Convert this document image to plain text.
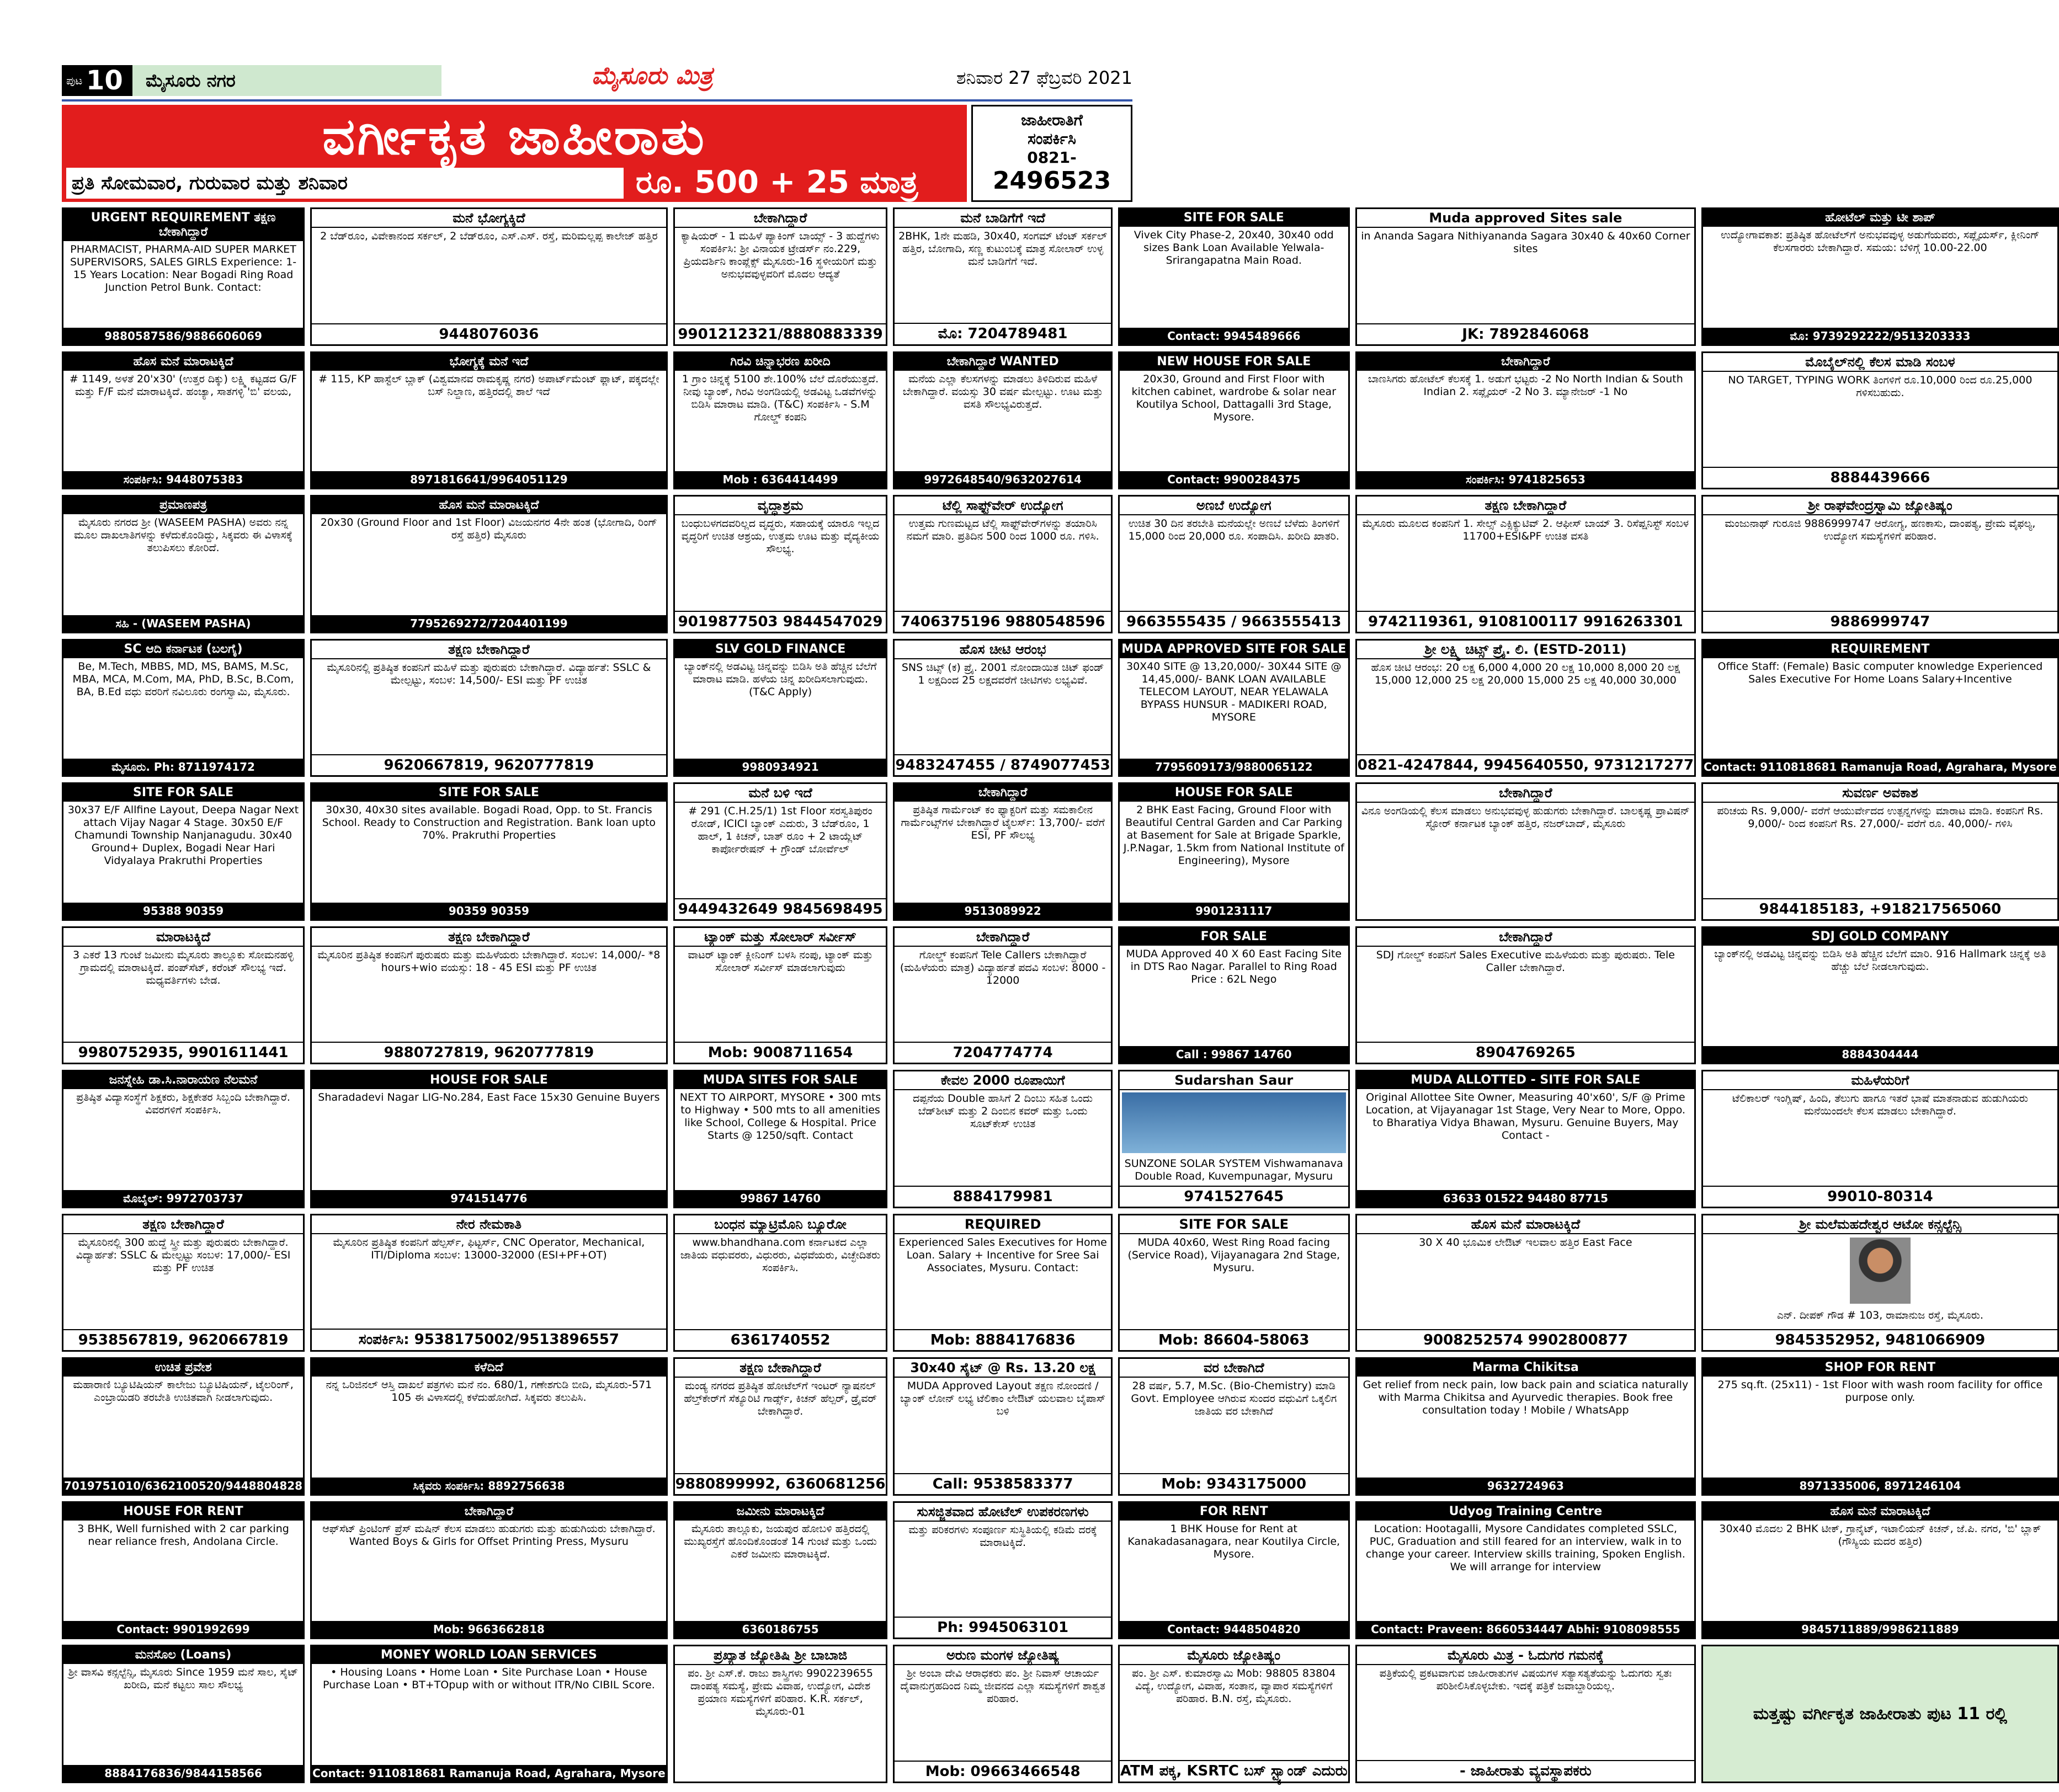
ಪುಟ 10	ಮೈಸೂರು ನಗರ	ಮೈಸೂರು ಮಿತ್ರ	ಶನಿವಾರ 27 ಫೆಬ್ರವರಿ 2021
ವರ್ಗೀಕೃತ ಜಾಹೀರಾತು
ಪ್ರತಿ ಸೋಮವಾರ, ಗುರುವಾರ ಮತ್ತು ಶನಿವಾರ	ರೂ. 500 + 25 ಮಾತ್ರ
ಜಾಹೀರಾತಿಗೆ
ಸಂಪರ್ಕಿಸಿ
0821-
2496523
URGENT REQUIREMENT ತಕ್ಷಣ ಬೇಕಾಗಿದ್ದಾರೆ
PHARMACIST, PHARMA-AID SUPER MARKET SUPERVISORS, SALES GIRLS Experience: 1-15 Years Location: Near Bogadi Ring Road Junction Petrol Bunk. Contact:
9880587586/9886606069
ಮನೆ ಭೋಗ್ಯಕ್ಕಿದೆ
2 ಬೆಡ್‌ರೂಂ, ವಿವೇಕಾನಂದ ಸರ್ಕಲ್, 2 ಬೆಡ್‌ರೂಂ, ಎಸ್.ಎಸ್. ರಸ್ತೆ, ಮರಿಮಲ್ಲಪ್ಪ ಕಾಲೇಜ್ ಹತ್ತಿರ
9448076036
ಬೇಕಾಗಿದ್ದಾರೆ
ಕ್ಯಾಷಿಯರ್ - 1 ಮಹಿಳೆ ಪ್ಯಾಕಿಂಗ್ ಬಾಯ್ಸ್ - 3 ಹುದ್ದೆಗಳು ಸಂಪರ್ಕಿಸಿ: ಶ್ರೀ ವಿನಾಯಕ ಟ್ರೇಡರ್ಸ್ ನಂ.229, ಪ್ರಿಯದರ್ಶಿನಿ ಕಾಂಪ್ಲೆಕ್ಸ್ ಮೈಸೂರು-16 ಸ್ಥಳೀಯರಿಗೆ ಮತ್ತು ಅನುಭವವುಳ್ಳವರಿಗೆ ಮೊದಲ ಆದ್ಯತೆ
9901212321/8880883339
ಮನೆ ಬಾಡಿಗೆಗೆ ಇದೆ
2BHK, 1ನೇ ಮಹಡಿ, 30x40, ಸಂಗಮ್ ಟೆಂಟ್ ಸರ್ಕಲ್ ಹತ್ತಿರ, ಬೋಗಾದಿ, ಸಣ್ಣ ಕುಟುಂಬಕ್ಕೆ ಮಾತ್ರ ಸೋಲಾರ್ ಉಳ್ಳ ಮನೆ ಬಾಡಿಗೆಗೆ ಇದೆ.
ಮೊ: 7204789481
SITE FOR SALE
Vivek City Phase-2, 20x40, 30x40 odd sizes Bank Loan Available Yelwala-Srirangapatna Main Road.
Contact: 9945489666
Muda approved Sites sale
in Ananda Sagara Nithiyananda Sagara 30x40 & 40x60 Corner sites
JK: 7892846068
ಹೋಟೆಲ್ ಮತ್ತು ಟೀ ಶಾಪ್
ಉದ್ಯೋಗಾವಕಾಶ: ಪ್ರತಿಷ್ಠಿತ ಹೋಟೆಲ್‌ಗೆ ಅನುಭವವುಳ್ಳ ಅಡುಗೆಯವರು, ಸಪ್ಲೈಯರ್ಸ್, ಕ್ಲೀನಿಂಗ್ ಕೆಲಸಗಾರರು ಬೇಕಾಗಿದ್ದಾರೆ. ಸಮಯ: ಬೆಳಿಗ್ಗೆ 10.00-22.00
ಮೊ: 9739292222/9513203333
ಹೊಸ ಮನೆ ಮಾರಾಟಕ್ಕಿದೆ
# 1149, ಅಳತೆ 20'x30' (ಉತ್ತರ ದಿಕ್ಕು) ಲಕ್ಷ್ಮಿ ಕಟ್ಟಡದ G/F ಮತ್ತು F/F ಮನೆ ಮಾರಾಟಕ್ಕಿದೆ. ಹಂಚ್ಯಾ, ಸಾತಗಳ್ಳಿ 'ಬಿ' ವಲಯ,
ಸಂಪರ್ಕಿಸಿ: 9448075383
ಭೋಗ್ಯಕ್ಕೆ ಮನೆ ಇದೆ
# 115, KP ಹಾಸ್ಟೆಲ್ ಬ್ಲಾಕ್ (ವಿಶ್ವಮಾನವ ರಾಮಕೃಷ್ಣ ನಗರ) ಅಪಾರ್ಟ್‌ಮೆಂಟ್ ಫ್ಲಾಟ್, ಪಕ್ಕದಲ್ಲೇ ಬಸ್ ನಿಲ್ದಾಣ, ಹತ್ತಿರದಲ್ಲಿ ಶಾಲೆ ಇದೆ
8971816641/9964051129
ಗಿರವಿ ಚಿನ್ನಾಭರಣ ಖರೀದಿ
1 ಗ್ರಾಂ ಚಿನ್ನಕ್ಕೆ 5100 ಶೇ.100% ಬೆಲೆ ದೊರೆಯುತ್ತದೆ. ನೀವು ಬ್ಯಾಂಕ್, ಗಿರವಿ ಅಂಗಡಿಯಲ್ಲಿ ಅಡವಿಟ್ಟ ಒಡವೆಗಳನ್ನು ಬಿಡಿಸಿ ಮಾರಾಟ ಮಾಡಿ. (T&C) ಸಂಪರ್ಕಿಸಿ - S.M ಗೋಲ್ಡ್ ಕಂಪನಿ
Mob : 6364414499
ಬೇಕಾಗಿದ್ದಾರೆ WANTED
ಮನೆಯ ಎಲ್ಲಾ ಕೆಲಸಗಳನ್ನು ಮಾಡಲು ತಿಳಿದಿರುವ ಮಹಿಳೆ ಬೇಕಾಗಿದ್ದಾರೆ. ವಯಸ್ಸು 30 ವರ್ಷ ಮೇಲ್ಪಟ್ಟು. ಊಟ ಮತ್ತು ವಸತಿ ಸೌಲಭ್ಯವಿರುತ್ತದೆ.
9972648540/9632027614
NEW HOUSE FOR SALE
20x30, Ground and First Floor with kitchen cabinet, wardrobe & solar near Koutilya School, Dattagalli 3rd Stage, Mysore.
Contact: 9900284375
ಬೇಕಾಗಿದ್ದಾರೆ
ಬಾಣಸಿಗರು ಹೋಟೆಲ್ ಕೆಲಸಕ್ಕೆ 1. ಅಡುಗೆ ಭಟ್ಟರು -2 No North Indian & South Indian 2. ಸಪ್ಲೈಯರ್ -2 No 3. ಮ್ಯಾನೇಜರ್ -1 No
ಸಂಪರ್ಕಿಸಿ: 9741825653
ಮೊಬೈಲ್‌ನಲ್ಲಿ ಕೆಲಸ ಮಾಡಿ ಸಂಬಳ
NO TARGET, TYPING WORK ತಿಂಗಳಿಗೆ ರೂ.10,000 ರಿಂದ ರೂ.25,000 ಗಳಿಸಬಹುದು.
8884439666
ಪ್ರಮಾಣಪತ್ರ
ಮೈಸೂರು ನಗರದ ಶ್ರೀ (WASEEM PASHA) ಅವರು ನನ್ನ ಮೂಲ ದಾಖಲಾತಿಗಳನ್ನು ಕಳೆದುಕೊಂಡಿದ್ದು, ಸಿಕ್ಕವರು ಈ ವಿಳಾಸಕ್ಕೆ ತಲುಪಿಸಲು ಕೋರಿದೆ.
ಸಹಿ - (WASEEM PASHA)
ಹೊಸ ಮನೆ ಮಾರಾಟಕ್ಕಿದೆ
20x30 (Ground Floor and 1st Floor) ವಿಜಯನಗರ 4ನೇ ಹಂತ (ಭೋಗಾದಿ, ರಿಂಗ್ ರಸ್ತೆ ಹತ್ತಿರ) ಮೈಸೂರು
7795269272/7204401199
ವೃದ್ಧಾಶ್ರಮ
ಬಂಧುಬಳಗದವರಿಲ್ಲದ ವೃದ್ಧರು, ಸಹಾಯಕ್ಕೆ ಯಾರೂ ಇಲ್ಲದ ವೃದ್ಧರಿಗೆ ಉಚಿತ ಆಶ್ರಯ, ಉತ್ತಮ ಊಟ ಮತ್ತು ವೈದ್ಯಕೀಯ ಸೌಲಭ್ಯ.
9019877503 9844547029
ಟೆಲ್ಲಿ ಸಾಫ್ಟ್‌ವೇರ್ ಉದ್ಯೋಗ
ಉತ್ತಮ ಗುಣಮಟ್ಟದ ಟೆಲ್ಲಿ ಸಾಫ್ಟ್‌ವೇರ್‌ಗಳನ್ನು ತಯಾರಿಸಿ ನಮಗೆ ಮಾರಿ. ಪ್ರತಿದಿನ 500 ರಿಂದ 1000 ರೂ. ಗಳಿಸಿ.
7406375196 9880548596
ಅಣಬೆ ಉದ್ಯೋಗ
ಉಚಿತ 30 ದಿನ ತರಬೇತಿ ಮನೆಯಲ್ಲೇ ಅಣಬೆ ಬೆಳೆದು ತಿಂಗಳಿಗೆ 15,000 ರಿಂದ 20,000 ರೂ. ಸಂಪಾದಿಸಿ. ಖರೀದಿ ಖಾತರಿ.
9663555435 / 9663555413
ತಕ್ಷಣ ಬೇಕಾಗಿದ್ದಾರೆ
ಮೈಸೂರು ಮೂಲದ ಕಂಪನಿಗೆ 1. ಸೇಲ್ಸ್ ಎಕ್ಸಿಕ್ಯುಟಿವ್ 2. ಆಫೀಸ್ ಬಾಯ್ 3. ರಿಸೆಪ್ಷನಿಸ್ಟ್ ಸಂಬಳ 11700+ESI&PF ಉಚಿತ ವಸತಿ
9742119361, 9108100117 9916263301
ಶ್ರೀ ರಾಘವೇಂದ್ರಸ್ವಾಮಿ ಜ್ಯೋತಿಷ್ಯಂ
ಮಂಜುನಾಥ್ ಗುರೂಜಿ 9886999747 ಆರೋಗ್ಯ, ಹಣಕಾಸು, ದಾಂಪತ್ಯ, ಪ್ರೇಮ ವೈಫಲ್ಯ, ಉದ್ಯೋಗ ಸಮಸ್ಯೆಗಳಿಗೆ ಪರಿಹಾರ.
9886999747
SC ಆದಿ ಕರ್ನಾಟಕ (ಬಲಗೈ)
Be, M.Tech, MBBS, MD, MS, BAMS, M.Sc, MBA, MCA, M.Com, MA, PhD, B.Sc, B.Com, BA, B.Ed ವಧು ವರರಿಗೆ ನವಿಲೂರು ರಂಗಸ್ವಾಮಿ, ಮೈಸೂರು.
ಮೈಸೂರು. Ph: 8711974172
ತಕ್ಷಣ ಬೇಕಾಗಿದ್ದಾರೆ
ಮೈಸೂರಿನಲ್ಲಿ ಪ್ರತಿಷ್ಠಿತ ಕಂಪನಿಗೆ ಮಹಿಳೆ ಮತ್ತು ಪುರುಷರು ಬೇಕಾಗಿದ್ದಾರೆ. ವಿದ್ಯಾರ್ಹತೆ: SSLC & ಮೇಲ್ಪಟ್ಟು, ಸಂಬಳ: 14,500/- ESI ಮತ್ತು PF ಉಚಿತ
9620667819, 9620777819
SLV GOLD FINANCE
ಬ್ಯಾಂಕ್‌ನಲ್ಲಿ ಅಡವಿಟ್ಟ ಚಿನ್ನವನ್ನು ಬಿಡಿಸಿ ಅತಿ ಹೆಚ್ಚಿನ ಬೆಲೆಗೆ ಮಾರಾಟ ಮಾಡಿ. ಹಳೆಯ ಚಿನ್ನ ಖರೀದಿಸಲಾಗುವುದು. (T&C Apply)
9980934921
ಹೊಸ ಚೀಟಿ ಆರಂಭ
SNS ಚಿಟ್ಸ್ (ಕ) ಪ್ರೈ. 2001 ನೋಂದಾಯಿತ ಚಿಟ್ ಫಂಡ್ 1 ಲಕ್ಷದಿಂದ 25 ಲಕ್ಷದವರೆಗೆ ಚೀಟಿಗಳು ಲಭ್ಯವಿವೆ.
9483247455 / 8749077453
MUDA APPROVED SITE FOR SALE
30X40 SITE @ 13,20,000/- 30X44 SITE @ 14,45,000/- BANK LOAN AVAILABLE TELECOM LAYOUT, NEAR YELAWALA BYPASS HUNSUR - MADIKERI ROAD, MYSORE
7795609173/9880065122
ಶ್ರೀ ಲಕ್ಷ್ಮಿ ಚಿಟ್ಸ್ ಪ್ರೈ. ಲಿ. (ESTD-2011)
ಹೊಸ ಚೀಟಿ ಆರಂಭ: 20 ಲಕ್ಷ 6,000 4,000 20 ಲಕ್ಷ 10,000 8,000 20 ಲಕ್ಷ 15,000 12,000 25 ಲಕ್ಷ 20,000 15,000 25 ಲಕ್ಷ 40,000 30,000
0821-4247844, 9945640550, 9731217277
REQUIREMENT
Office Staff: (Female) Basic computer knowledge Experienced Sales Executive For Home Loans Salary+Incentive
Contact: 9110818681 Ramanuja Road, Agrahara, Mysore
SITE FOR SALE
30x37 E/F Allfine Layout, Deepa Nagar Next attach Vijay Nagar 4 Stage. 30x50 E/F Chamundi Township Nanjanagudu. 30x40 Ground+ Duplex, Bogadi Near Hari Vidyalaya Prakruthi Properties
95388 90359
SITE FOR SALE
30x30, 40x30 sites available. Bogadi Road, Opp. to St. Francis School. Ready to Construction and Registration. Bank loan upto 70%. Prakruthi Properties
90359 90359
ಮನೆ ಬಳಿ ಇದೆ
# 291 (C.H.25/1) 1st Floor ಸರಸ್ವತಿಪುರಂ ರೋಡ್, ICICI ಬ್ಯಾಂಕ್ ಎದುರು, 3 ಬೆಡ್‌ರೂಂ, 1 ಹಾಲ್, 1 ಕಿಚನ್, ಬಾತ್ ರೂಂ + 2 ಟಾಯ್ಲೆಟ್ ಕಾರ್ಪೋರೇಷನ್ + ಗ್ರೌಂಡ್ ಬೋರ್ವೆಲ್
9449432649 9845698495
ಬೇಕಾಗಿದ್ದಾರೆ
ಪ್ರತಿಷ್ಠಿತ ಗಾರ್ಮೆಂಟ್ ಕಂ ಫ್ಯಾಕ್ಟರಿಗೆ ಮತ್ತು ಸಮಕಾಲೀನ ಗಾರ್ಮೆಂಟ್ಸ್‌ಗಳ ಬೇಕಾಗಿದ್ದಾರೆ ಟೈಲರ್ಸ್: 13,700/- ವರೆಗೆ ESI, PF ಸೌಲಭ್ಯ
9513089922
HOUSE FOR SALE
2 BHK East Facing, Ground Floor with Beautiful Central Garden and Car Parking at Basement for Sale at Brigade Sparkle, J.P.Nagar, 1.5km from National Institute of Engineering), Mysore
9901231117
ಬೇಕಾಗಿದ್ದಾರೆ
ವಿನೂ ಅಂಗಡಿಯಲ್ಲಿ ಕೆಲಸ ಮಾಡಲು ಅನುಭವವುಳ್ಳ ಹುಡುಗರು ಬೇಕಾಗಿದ್ದಾರೆ. ಬಾಲಕೃಷ್ಣ ಪ್ರಾವಿಷನ್ ಸ್ಟೋರ್ ಕರ್ನಾಟಕ ಬ್ಯಾಂಕ್ ಹತ್ತಿರ, ನಜರ್‌ಬಾದ್, ಮೈಸೂರು
ಸುವರ್ಣ ಅವಕಾಶ
ಪರಿಚಯ Rs. 9,000/- ವರೆಗೆ ಆಯುರ್ವೇದದ ಉತ್ಪನ್ನಗಳನ್ನು ಮಾರಾಟ ಮಾಡಿ. ಕಂಪನಿಗೆ Rs. 9,000/- ರಿಂದ ಕಂಪನಿಗೆ Rs. 27,000/- ವರೆಗೆ ರೂ. 40,000/- ಗಳಿಸಿ
9844185183, +918217565060
ಮಾರಾಟಕ್ಕಿದೆ
3 ಎಕರೆ 13 ಗುಂಟೆ ಜಮೀನು ಮೈಸೂರು ತಾಲ್ಲೂಕು ಸೋಮನಹಳ್ಳಿ ಗ್ರಾಮದಲ್ಲಿ ಮಾರಾಟಕ್ಕಿದೆ. ಪಂಪ್‌ಸೆಟ್, ಕರೆಂಟ್ ಸೌಲಭ್ಯ ಇದೆ. ಮಧ್ಯವರ್ತಿಗಳು ಬೇಡ.
9980752935, 9901611441
ತಕ್ಷಣ ಬೇಕಾಗಿದ್ದಾರೆ
ಮೈಸೂರಿನ ಪ್ರತಿಷ್ಠಿತ ಕಂಪನಿಗೆ ಪುರುಷರು ಮತ್ತು ಮಹಿಳೆಯರು ಬೇಕಾಗಿದ್ದಾರೆ. ಸಂಬಳ: 14,000/- *8 hours+wio ವಯಸ್ಸು: 18 - 45 ESI ಮತ್ತು PF ಉಚಿತ
9880727819, 9620777819
ಟ್ಯಾಂಕ್ ಮತ್ತು ಸೋಲಾರ್ ಸರ್ವೀಸ್
ವಾಟರ್ ಟ್ಯಾಂಕ್ ಕ್ಲೀನಿಂಗ್ ಬಳಸಿ ನಂಪು, ಟ್ಯಾಂಕ್ ಮತ್ತು ಸೋಲಾರ್ ಸರ್ವೀಸ್ ಮಾಡಲಾಗುವುದು
Mob: 9008711654
ಬೇಕಾಗಿದ್ದಾರೆ
ಗೋಲ್ಡ್ ಕಂಪನಿಗೆ Tele Callers ಬೇಕಾಗಿದ್ದಾರೆ (ಮಹಿಳೆಯರು ಮಾತ್ರ) ವಿದ್ಯಾರ್ಹತೆ ಪದವಿ ಸಂಬಳ: 8000 - 12000
7204774774
FOR SALE
MUDA Approved 40 X 60 East Facing Site in DTS Rao Nagar. Parallel to Ring Road Price : 62L Nego
Call : 99867 14760
ಬೇಕಾಗಿದ್ದಾರೆ
SDJ ಗೋಲ್ಡ್ ಕಂಪನಿಗೆ Sales Executive ಮಹಿಳೆಯರು ಮತ್ತು ಪುರುಷರು. Tele Caller ಬೇಕಾಗಿದ್ದಾರೆ.
8904769265
SDJ GOLD COMPANY
ಬ್ಯಾಂಕ್‌ನಲ್ಲಿ ಅಡವಿಟ್ಟ ಚಿನ್ನವನ್ನು ಬಿಡಿಸಿ ಅತಿ ಹೆಚ್ಚಿನ ಬೆಲೆಗೆ ಮಾರಿ. 916 Hallmark ಚಿನ್ನಕ್ಕೆ ಅತಿ ಹೆಚ್ಚು ಬೆಲೆ ನೀಡಲಾಗುವುದು.
8884304444
ಜನಸ್ನೇಹಿ ಡಾ.ಸಿ.ನಾರಾಯಣ ನೆಲಮನೆ
ಪ್ರತಿಷ್ಠಿತ ವಿದ್ಯಾಸಂಸ್ಥೆಗೆ ಶಿಕ್ಷಕರು, ಶಿಕ್ಷಕೇತರ ಸಿಬ್ಬಂದಿ ಬೇಕಾಗಿದ್ದಾರೆ. ವಿವರಗಳಿಗೆ ಸಂಪರ್ಕಿಸಿ.
ಮೊಬೈಲ್: 9972703737
HOUSE FOR SALE
Sharadadevi Nagar LIG-No.284, East Face 15x30 Genuine Buyers
9741514776
MUDA SITES FOR SALE
NEXT TO AIRPORT, MYSORE • 300 mts to Highway • 500 mts to all amenities like School, College & Hospital. Price Starts @ 1250/sqft. Contact
99867 14760
ಕೇವಲ 2000 ರೂಪಾಯಿಗೆ
ದಪ್ಪನೆಯ Double ಹಾಸಿಗೆ 2 ದಿಂಬು ಸಹಿತ ಒಂದು ಬೆಡ್‌ಶೀಟ್ ಮತ್ತು 2 ದಿಂಬಿನ ಕವರ್ ಮತ್ತು ಒಂದು ಸೂಟ್‌ಕೇಸ್ ಉಚಿತ
8884179981
Sudarshan Saur
SUNZONE SOLAR SYSTEM Vishwamanava Double Road, Kuvempunagar, Mysuru
9741527645
MUDA ALLOTTED - SITE FOR SALE
Original Allottee Site Owner, Measuring 40'x60', S/F @ Prime Location, at Vijayanagar 1st Stage, Very Near to More, Oppo. to Bharatiya Vidya Bhawan, Mysuru. Genuine Buyers, May Contact -
63633 01522 94480 87715
ಮಹಿಳೆಯರಿಗೆ
ಟೆಲಿಕಾಲರ್ ಇಂಗ್ಲಿಷ್, ಹಿಂದಿ, ತೆಲುಗು ಹಾಗೂ ಇತರೆ ಭಾಷೆ ಮಾತನಾಡುವ ಹುಡುಗಿಯರು ಮನೆಯಿಂದಲೇ ಕೆಲಸ ಮಾಡಲು ಬೇಕಾಗಿದ್ದಾರೆ.
99010-80314
ತಕ್ಷಣ ಬೇಕಾಗಿದ್ದಾರೆ
ಮೈಸೂರಿನಲ್ಲಿ 300 ಹುದ್ದೆ ಸ್ತ್ರೀ ಮತ್ತು ಪುರುಷರು ಬೇಕಾಗಿದ್ದಾರೆ. ವಿದ್ಯಾರ್ಹತೆ: SSLC & ಮೇಲ್ಪಟ್ಟು ಸಂಬಳ: 17,000/- ESI ಮತ್ತು PF ಉಚಿತ
9538567819, 9620667819
ನೇರ ನೇಮಕಾತಿ
ಮೈಸೂರಿನ ಪ್ರತಿಷ್ಠಿತ ಕಂಪನಿಗೆ ಹೆಲ್ಪರ್ಸ್, ಫಿಟ್ಟರ್ಸ್, CNC Operator, Mechanical, ITI/Diploma ಸಂಬಳ: 13000-32000 (ESI+PF+OT)
ಸಂಪರ್ಕಿಸಿ: 9538175002/9513896557
ಬಂಧನ ಮ್ಯಾಟ್ರಿಮೊನಿ ಬ್ಯೂರೋ
www.bhandhana.com ಕರ್ನಾಟಕದ ಎಲ್ಲಾ ಜಾತಿಯ ವಧುವರರು, ವಿಧುರರು, ವಿಧವೆಯರು, ವಿಚ್ಛೇದಿತರು ಸಂಪರ್ಕಿಸಿ.
6361740552
REQUIRED
Experienced Sales Executives for Home Loan. Salary + Incentive for Sree Sai Associates, Mysuru. Contact:
Mob: 8884176836
SITE FOR SALE
MUDA 40x60, West Ring Road facing (Service Road), Vijayanagara 2nd Stage, Mysuru.
Mob: 86604-58063
ಹೊಸ ಮನೆ ಮಾರಾಟಕ್ಕಿದೆ
30 X 40 ಭೂಮಿಕ ಲೇಔಟ್ ಇಲವಾಲ ಹತ್ತಿರ East Face
9008252574 9902800877
ಶ್ರೀ ಮಲೆಮಹದೇಶ್ವರ ಆಟೋ ಕನ್ಸಲ್ಟೆನ್ಸಿ
ಎನ್. ದೀಪಕ್ ಗೌಡ # 103, ರಾಮಾನುಜ ರಸ್ತೆ, ಮೈಸೂರು.
9845352952, 9481066909
ಉಚಿತ ಪ್ರವೇಶ
ಮಹಾರಾಣಿ ಬ್ಯೂಟಿಷಿಯನ್ ಕಾಲೇಜು ಬ್ಯೂಟಿಷಿಯನ್, ಟೈಲರಿಂಗ್, ಎಂಬ್ರಾಯಿಡರಿ ತರಬೇತಿ ಉಚಿತವಾಗಿ ನೀಡಲಾಗುವುದು.
7019751010/6362100520/9448804828
ಕಳೆದಿದೆ
ನನ್ನ ಒರಿಜಿನಲ್ ಆಸ್ತಿ ದಾಖಲೆ ಪತ್ರಗಳು ಮನೆ ನಂ. 680/1, ಗಣೇಶಗುಡಿ ಬೀದಿ, ಮೈಸೂರು-571 105 ಈ ವಿಳಾಸದಲ್ಲಿ ಕಳೆದುಹೋಗಿದೆ. ಸಿಕ್ಕವರು ತಲುಪಿಸಿ.
ಸಿಕ್ಕವರು ಸಂಪರ್ಕಿಸಿ: 8892756638
ತಕ್ಷಣ ಬೇಕಾಗಿದ್ದಾರೆ
ಮಂಡ್ಯ ನಗರದ ಪ್ರತಿಷ್ಠಿತ ಹೋಟೆಲ್‌ಗೆ ಇಂಟರ್ ನ್ಯಾಷನಲ್ ಹೆಲ್ತ್‌ಕೇರ್‌ಗೆ ಸೆಕ್ಯೂರಿಟಿ ಗಾರ್ಡ್ಸ್, ಕಿಚನ್ ಹೆಲ್ಪರ್, ಡ್ರೈವರ್ ಬೇಕಾಗಿದ್ದಾರೆ.
9880899992, 6360681256
30x40 ಸೈಟ್ @ Rs. 13.20 ಲಕ್ಷ
MUDA Approved Layout ತಕ್ಷಣ ನೋಂದಣಿ / ಬ್ಯಾಂಕ್ ಲೋನ್ ಲಭ್ಯ ಟೆಲಿಕಾಂ ಲೇಔಟ್ ಯಲವಾಲ ಬೈಪಾಸ್ ಬಳಿ
Call: 9538583377
ವರ ಬೇಕಾಗಿದೆ
28 ವರ್ಷ, 5.7, M.Sc. (Bio-Chemistry) ಮಾಡಿ Govt. Employee ಆಗಿರುವ ಸುಂದರ ವಧುವಿಗೆ ಒಕ್ಕಲಿಗ ಜಾತಿಯ ವರ ಬೇಕಾಗಿದೆ
Mob: 9343175000
Marma Chikitsa
Get relief from neck pain, low back pain and sciatica naturally with Marma Chikitsa and Ayurvedic therapies. Book free consultation today ! Mobile / WhatsApp
9632724963
SHOP FOR RENT
275 sq.ft. (25x11) - 1st Floor with wash room facility for office purpose only.
8971335006, 8971246104
HOUSE FOR RENT
3 BHK, Well furnished with 2 car parking near reliance fresh, Andolana Circle.
Contact: 9901992699
ಬೇಕಾಗಿದ್ದಾರೆ
ಆಫ್‌ಸೆಟ್ ಪ್ರಿಂಟಿಂಗ್ ಪ್ರೆಸ್ ಮಷಿನ್ ಕೆಲಸ ಮಾಡಲು ಹುಡುಗರು ಮತ್ತು ಹುಡುಗಿಯರು ಬೇಕಾಗಿದ್ದಾರೆ. Wanted Boys & Girls for Offset Printing Press, Mysuru
Mob: 9663662818
ಜಮೀನು ಮಾರಾಟಕ್ಕಿದೆ
ಮೈಸೂರು ತಾಲ್ಲೂಕು, ಜಯಪುರ ಹೋಬಳಿ ಹತ್ತಿರದಲ್ಲಿ ಮುಖ್ಯರಸ್ತೆಗೆ ಹೊಂದಿಕೊಂಡಂತೆ 14 ಗುಂಟೆ ಮತ್ತು ಒಂದು ಎಕರೆ ಜಮೀನು ಮಾರಾಟಕ್ಕಿದೆ.
6360186755
ಸುಸಜ್ಜಿತವಾದ ಹೋಟೆಲ್ ಉಪಕರಣಗಳು
ಮತ್ತು ಪರಿಕರಗಳು ಸಂಪೂರ್ಣ ಸುಸ್ಥಿತಿಯಲ್ಲಿ ಕಡಿಮೆ ದರಕ್ಕೆ ಮಾರಾಟಕ್ಕಿದೆ.
Ph: 9945063101
FOR RENT
1 BHK House for Rent at Kanakadasanagara, near Koutilya Circle, Mysore.
Contact: 9448504820
Udyog Training Centre
Location: Hootagalli, Mysore Candidates completed SSLC, PUC, Graduation and still feared for an interview, walk in to change your career. Interview skills training, Spoken English. We will arrange for interview
Contact: Praveen: 8660534447 Abhi: 9108098555
ಹೊಸ ಮನೆ ಮಾರಾಟಕ್ಕಿದೆ
30x40 ಮೊದಲ 2 BHK ಟೀಕ್, ಗ್ರಾನೈಟ್, ಇಟಾಲಿಯನ್ ಕಿಚನ್, ಜೆ.ಪಿ. ನಗರ, 'ಬಿ' ಬ್ಲಾಕ್ (ಗೌಸ್ಯಿಯ ಮದರ ಹತ್ತಿರ)
9845711889/9986211889
ಮನಸೊಲ (Loans)
ಶ್ರೀ ವಾಸವಿ ಕನ್ಸಲ್ಟೆನ್ಸಿ, ಮೈಸೂರು Since 1959 ಮನೆ ಸಾಲ, ಸೈಟ್ ಖರೀದಿ, ಮನೆ ಕಟ್ಟಲು ಸಾಲ ಸೌಲಭ್ಯ
8884176836/9844158566
MONEY WORLD LOAN SERVICES
• Housing Loans • Home Loan • Site Purchase Loan • House Purchase Loan • BT+TOpup with or without ITR/No CIBIL Score.
Contact: 9110818681 Ramanuja Road, Agrahara, Mysore
ಪ್ರಖ್ಯಾತ ಜ್ಯೋತಿಷಿ ಶ್ರೀ ಬಾಬಾಜಿ
ಪಂ. ಶ್ರೀ ಎಸ್.ಕೆ. ರಾಜು ಶಾಸ್ತ್ರಿಗಳು 9902239655 ದಾಂಪತ್ಯ ಸಮಸ್ಯೆ, ಪ್ರೇಮ ವಿವಾಹ, ಉದ್ಯೋಗ, ವಿದೇಶ ಪ್ರಯಾಣ ಸಮಸ್ಯೆಗಳಿಗೆ ಪರಿಹಾರ. K.R. ಸರ್ಕಲ್, ಮೈಸೂರು-01
ಅರುಣ ಮಂಗಳ ಜ್ಯೋತಿಷ್ಯ
ಶ್ರೀ ಅಂಬಾ ದೇವಿ ಆರಾಧಕರು ಪಂ. ಶ್ರೀ ನಿವಾಸ್ ಆಚಾರ್ಯ ದೈವಾನುಗ್ರಹದಿಂದ ನಿಮ್ಮ ಜೀವನದ ಎಲ್ಲಾ ಸಮಸ್ಯೆಗಳಿಗೆ ಶಾಶ್ವತ ಪರಿಹಾರ.
Mob: 09663466548
ಮೈಸೂರು ಜ್ಯೋತಿಷ್ಯಂ
ಪಂ. ಶ್ರೀ ಎಸ್. ಕುಮಾರಸ್ವಾಮಿ Mob: 98805 83804 ವಿದ್ಯೆ, ಉದ್ಯೋಗ, ವಿವಾಹ, ಸಂತಾನ, ವ್ಯಾಪಾರ ಸಮಸ್ಯೆಗಳಿಗೆ ಪರಿಹಾರ. B.N. ರಸ್ತೆ, ಮೈಸೂರು.
ATM ಪಕ್ಕ, KSRTC ಬಸ್ ಸ್ಟ್ಯಾಂಡ್ ಎದುರು
ಮೈಸೂರು ಮಿತ್ರ - ಓದುಗರ ಗಮನಕ್ಕೆ
ಪತ್ರಿಕೆಯಲ್ಲಿ ಪ್ರಕಟವಾಗುವ ಜಾಹೀರಾತುಗಳ ವಿಷಯಗಳ ಸತ್ಯಾಸತ್ಯತೆಯನ್ನು ಓದುಗರು ಸ್ವತಃ ಪರಿಶೀಲಿಸಿಕೊಳ್ಳಬೇಕು. ಇದಕ್ಕೆ ಪತ್ರಿಕೆ ಜವಾಬ್ದಾರಿಯಲ್ಲ.
- ಜಾಹೀರಾತು ವ್ಯವಸ್ಥಾಪಕರು
ಮತ್ತಷ್ಟು ವರ್ಗೀಕೃತ ಜಾಹೀರಾತು ಪುಟ 11 ರಲ್ಲಿ
